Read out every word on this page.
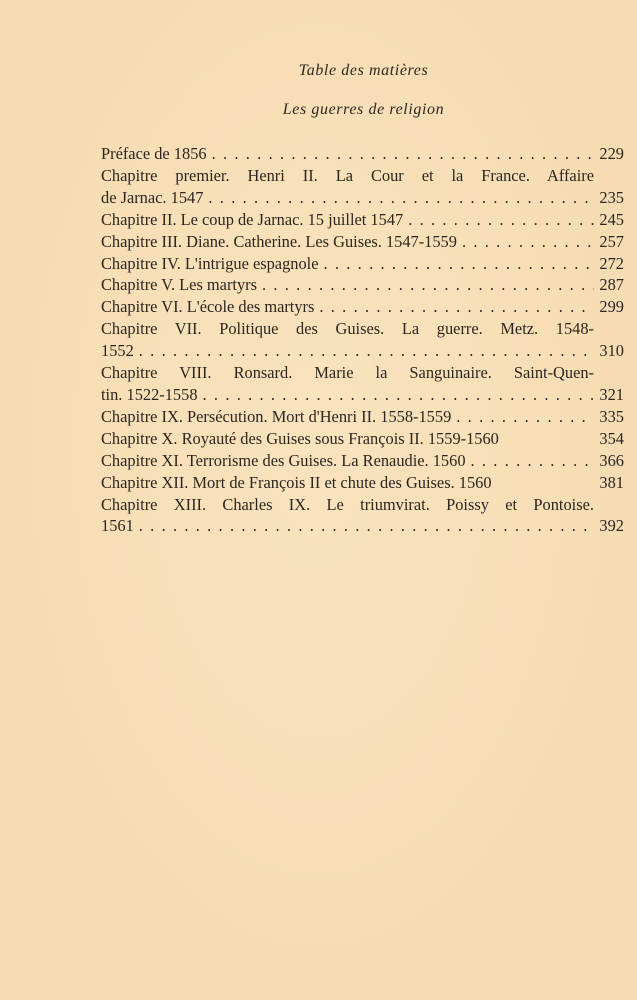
Table des matières
Les guerres de religion
Préface de 1856 . . .	229
Chapitre premier. Henri II. La Cour et la France. Affaire
de Jarnac. 1547 . . .	235
Chapitre II. Le coup de Jarnac. 15 juillet 1547 . . .	245
Chapitre III. Diane. Catherine. Les Guises. 1547-1559 . . .	257
Chapitre IV. L'intrigue espagnole . . .	272
Chapitre V. Les martyrs . . .	287
Chapitre VI. L'école des martyrs . . .	299
Chapitre VII. Politique des Guises. La guerre. Metz. 1548-
1552 . . .	310
Chapitre VIII. Ronsard. Marie la Sanguinaire. Saint-Quen-
tin. 1522-1558 . . .	321
Chapitre IX. Persécution. Mort d'Henri II. 1558-1559 . . .	335
Chapitre X. Royauté des Guises sous François II. 1559-1560	354
Chapitre XI. Terrorisme des Guises. La Renaudie. 1560 . . .	366
Chapitre XII. Mort de François II et chute des Guises. 1560	381
Chapitre XIII. Charles IX. Le triumvirat. Poissy et Pontoise.
1561 . . .	392
